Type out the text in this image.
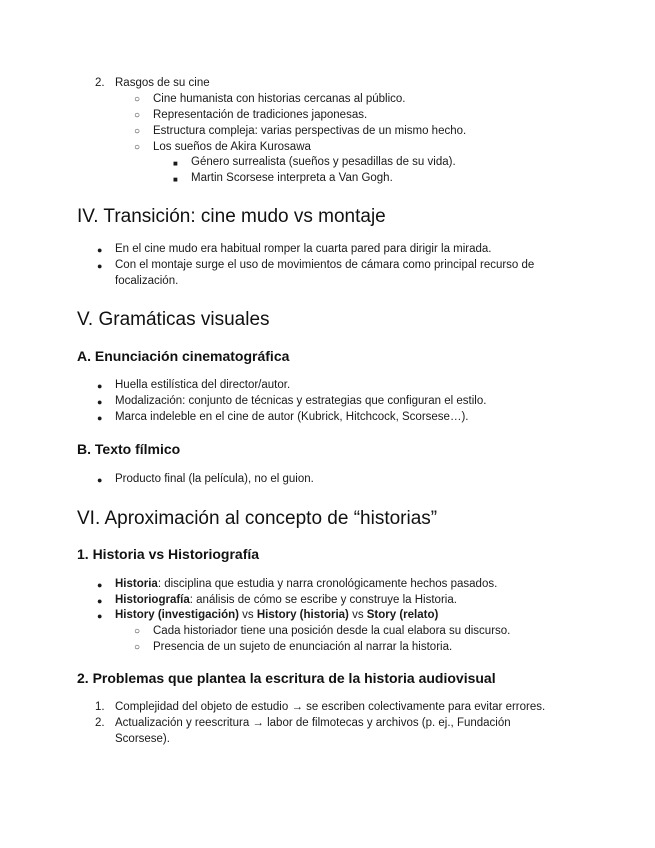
2. Rasgos de su cine
○ Cine humanista con historias cercanas al público.
○ Representación de tradiciones japonesas.
○ Estructura compleja: varias perspectivas de un mismo hecho.
○ Los sueños de Akira Kurosawa
■ Género surrealista (sueños y pesadillas de su vida).
■ Martin Scorsese interpreta a Van Gogh.
IV. Transición: cine mudo vs montaje
● En el cine mudo era habitual romper la cuarta pared para dirigir la mirada.
● Con el montaje surge el uso de movimientos de cámara como principal recurso de
focalización.
V. Gramáticas visuales
A. Enunciación cinematográfica
● Huella estilística del director/autor.
● Modalización: conjunto de técnicas y estrategias que configuran el estilo.
● Marca indeleble en el cine de autor (Kubrick, Hitchcock, Scorsese…).
B. Texto fílmico
● Producto final (la película), no el guion.
VI. Aproximación al concepto de “historias”
1. Historia vs Historiografía
● Historia: disciplina que estudia y narra cronológicamente hechos pasados.
● Historiografía: análisis de cómo se escribe y construye la Historia.
● History (investigación) vs History (historia) vs Story (relato)
○ Cada historiador tiene una posición desde la cual elabora su discurso.
○ Presencia de un sujeto de enunciación al narrar la historia.
2. Problemas que plantea la escritura de la historia audiovisual
1. Complejidad del objeto de estudio → se escriben colectivamente para evitar errores.
2. Actualización y reescritura → labor de filmotecas y archivos (p. ej., Fundación
Scorsese).
